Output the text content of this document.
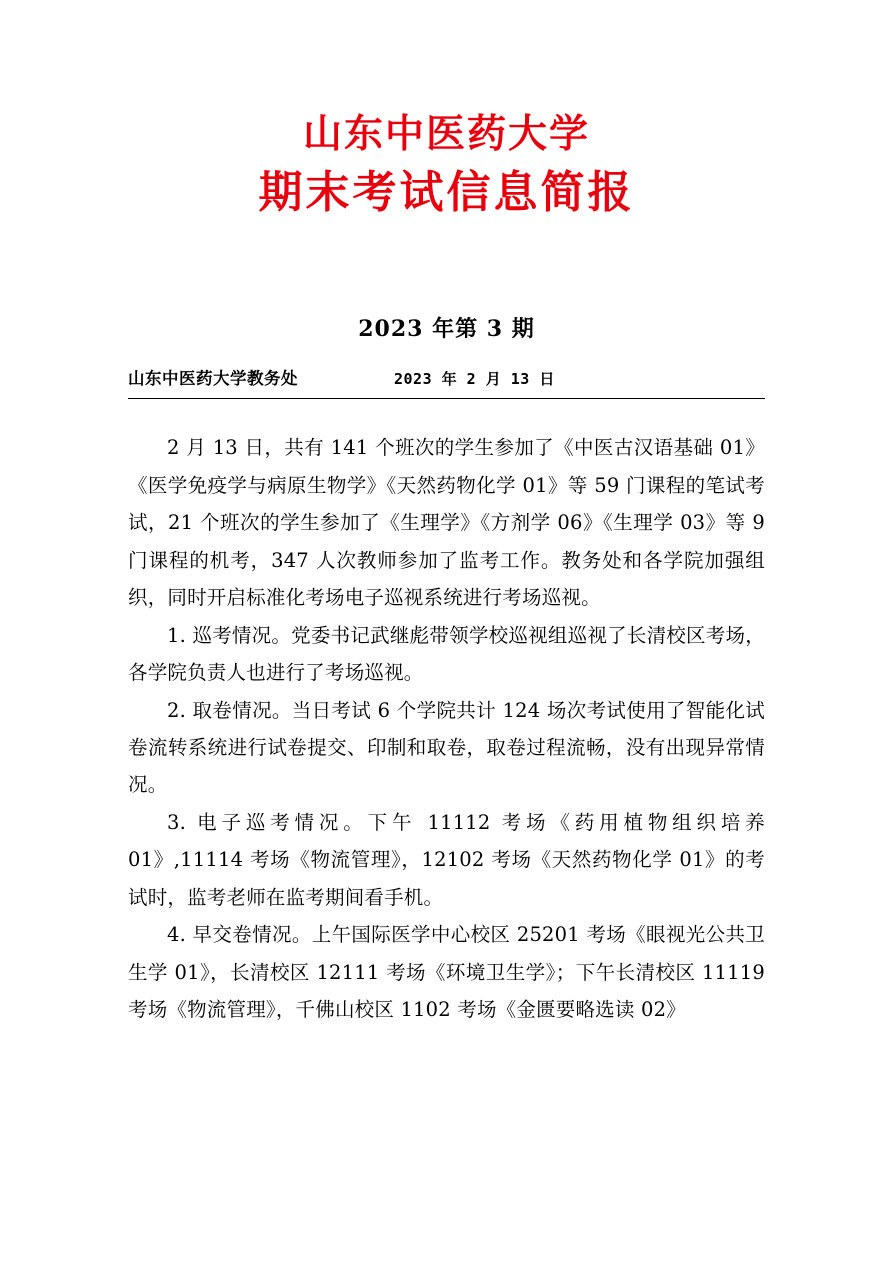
山东中医药大学
期末考试信息简报
2023 年第 3 期
山东中医药大学教务处	2023 年 2 月 13 日

2 月 13 日，共有 141 个班次的学生参加了《中医古汉语基础 01》《医学免疫学与病原生物学》《天然药物化学 01》等 59 门课程的笔试考试，21 个班次的学生参加了《生理学》《方剂学 06》《生理学 03》等 9 门课程的机考，347 人次教师参加了监考工作。教务处和各学院加强组织，同时开启标准化考场电子巡视系统进行考场巡视。

1. 巡考情况。党委书记武继彪带领学校巡视组巡视了长清校区考场，各学院负责人也进行了考场巡视。

2. 取卷情况。当日考试 6 个学院共计 124 场次考试使用了智能化试卷流转系统进行试卷提交、印制和取卷，取卷过程流畅，没有出现异常情况。

3. 电子巡考情况。下午 11112 考场《药用植物组织培养 01》,11114 考场《物流管理》，12102 考场《天然药物化学 01》的考试时，监考老师在监考期间看手机。

4. 早交卷情况。上午国际医学中心校区 25201 考场《眼视光公共卫生学 01》，长清校区 12111 考场《环境卫生学》；下午长清校区 11119 考场《物流管理》，千佛山校区 1102 考场《金匮要略选读 02》
